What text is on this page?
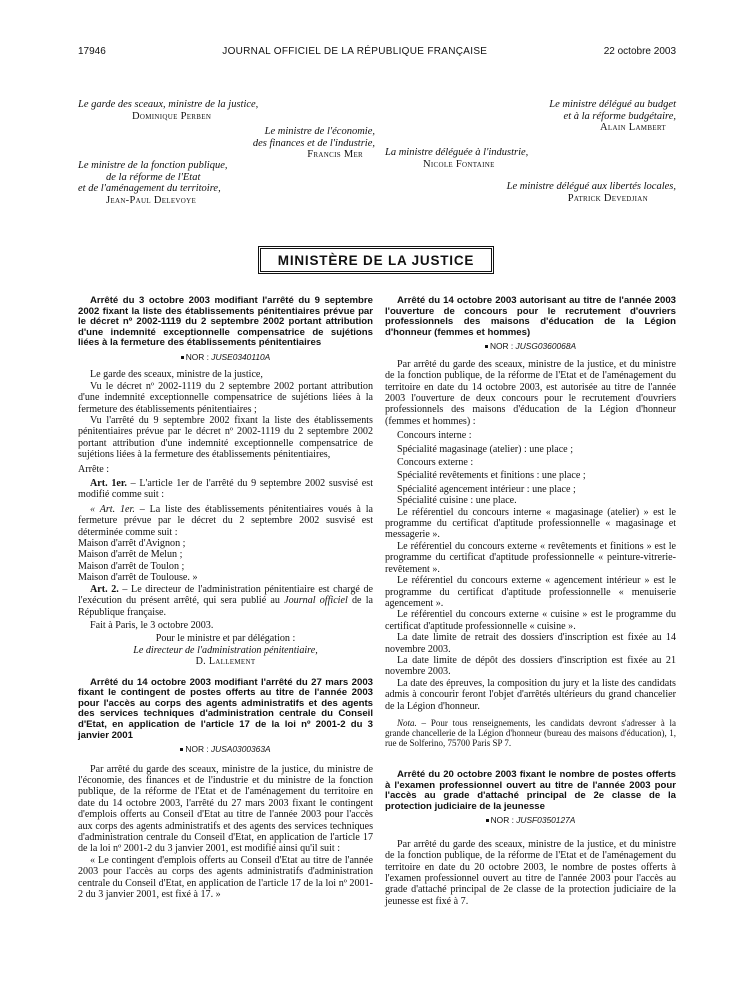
17946	JOURNAL OFFICIEL DE LA RÉPUBLIQUE FRANÇAISE	22 octobre 2003
Le garde des sceaux, ministre de la justice,
Dominique Perben
Le ministre de l'économie,
des finances et de l'industrie,
Francis Mer
Le ministre de la fonction publique,
de la réforme de l'Etat
et de l'aménagement du territoire,
Jean-Paul Delevoye
Le ministre délégué au budget
et à la réforme budgétaire,
Alain Lambert
La ministre déléguée à l'industrie,
Nicole Fontaine
Le ministre délégué aux libertés locales,
Patrick Devedjian
MINISTÈRE DE LA JUSTICE

Arrêté du 3 octobre 2003 modifiant l'arrêté du 9 septembre 2002 fixant la liste des établissements pénitentiaires prévue par le décret nº 2002-1119 du 2 septembre 2002 portant attribution d'une indemnité exceptionnelle compensatrice de sujétions liées à la fermeture des établissements pénitentiaires

NOR : JUSE0340110A

Le garde des sceaux, ministre de la justice,

Vu le décret nº 2002-1119 du 2 septembre 2002 portant attribution d'une indemnité exceptionnelle compensatrice de sujétions liées à la fermeture des établissements pénitentiaires ;

Vu l'arrêté du 9 septembre 2002 fixant la liste des établissements pénitentiaires prévue par le décret nº 2002-1119 du 2 septembre 2002 portant attribution d'une indemnité exceptionnelle compensatrice de sujétions liées à la fermeture des établissements pénitentiaires,

Arrête :

Art. 1er. – L'article 1er de l'arrêté du 9 septembre 2002 susvisé est modifié comme suit :

« Art. 1er. – La liste des établissements pénitentiaires voués à la fermeture prévue par le décret du 2 septembre 2002 susvisé est déterminée comme suit :

Maison d'arrêt d'Avignon ;
Maison d'arrêt de Melun ;
Maison d'arrêt de Toulon ;
Maison d'arrêt de Toulouse. »

Art. 2. – Le directeur de l'administration pénitentiaire est chargé de l'exécution du présent arrêté, qui sera publié au Journal officiel de la République française.

Fait à Paris, le 3 octobre 2003.

Pour le ministre et par délégation :
Le directeur de l'administration pénitentiaire,
D. Lallement

Arrêté du 14 octobre 2003 modifiant l'arrêté du 27 mars 2003 fixant le contingent de postes offerts au titre de l'année 2003 pour l'accès au corps des agents administratifs et des agents des services techniques d'administration centrale du Conseil d'Etat, en application de l'article 17 de la loi nº 2001-2 du 3 janvier 2001

NOR : JUSA0300363A

Par arrêté du garde des sceaux, ministre de la justice, du ministre de l'économie, des finances et de l'industrie et du ministre de la fonction publique, de la réforme de l'Etat et de l'aménagement du territoire en date du 14 octobre 2003, l'arrêté du 27 mars 2003 fixant le contingent d'emplois offerts au Conseil d'Etat au titre de l'année 2003 pour l'accès aux corps des agents administratifs et des agents des services techniques d'administration centrale du Conseil d'Etat, en application de l'article 17 de la loi nº 2001-2 du 3 janvier 2001, est modifié ainsi qu'il suit :

« Le contingent d'emplois offerts au Conseil d'Etat au titre de l'année 2003 pour l'accès au corps des agents administratifs d'administration centrale du Conseil d'Etat, en application de l'article 17 de la loi nº 2001-2 du 3 janvier 2001, est fixé à 17. »

Arrêté du 14 octobre 2003 autorisant au titre de l'année 2003 l'ouverture de concours pour le recrutement d'ouvriers professionnels des maisons d'éducation de la Légion d'honneur (femmes et hommes)

NOR : JUSG0360068A

Par arrêté du garde des sceaux, ministre de la justice, et du ministre de la fonction publique, de la réforme de l'Etat et de l'aménagement du territoire en date du 14 octobre 2003, est autorisée au titre de l'année 2003 l'ouverture de deux concours pour le recrutement d'ouvriers professionnels des maisons d'éducation de la Légion d'honneur (femmes et hommes) :

Concours interne :
Spécialité magasinage (atelier) : une place ;
Concours externe :
Spécialité revêtements et finitions : une place ;
Spécialité agencement intérieur : une place ;
Spécialité cuisine : une place.

Le référentiel du concours interne « magasinage (atelier) » est le programme du certificat d'aptitude professionnelle « magasinage et messagerie ».

Le référentiel du concours externe « revêtements et finitions » est le programme du certificat d'aptitude professionnelle « peinture-vitrerie-revêtement ».

Le référentiel du concours externe « agencement intérieur » est le programme du certificat d'aptitude professionnelle « menuiserie agencement ».

Le référentiel du concours externe « cuisine » est le programme du certificat d'aptitude professionnelle « cuisine ».

La date limite de retrait des dossiers d'inscription est fixée au 14 novembre 2003.

La date limite de dépôt des dossiers d'inscription est fixée au 21 novembre 2003.

La date des épreuves, la composition du jury et la liste des candidats admis à concourir feront l'objet d'arrêtés ultérieurs du grand chancelier de la Légion d'honneur.

Nota. – Pour tous renseignements, les candidats devront s'adresser à la grande chancellerie de la Légion d'honneur (bureau des maisons d'éducation), 1, rue de Solferino, 75700 Paris SP 7.

Arrêté du 20 octobre 2003 fixant le nombre de postes offerts à l'examen professionnel ouvert au titre de l'année 2003 pour l'accès au grade d'attaché principal de 2e classe de la protection judiciaire de la jeunesse

NOR : JUSF0350127A

Par arrêté du garde des sceaux, ministre de la justice, et du ministre de la fonction publique, de la réforme de l'Etat et de l'aménagement du territoire en date du 20 octobre 2003, le nombre de postes offerts à l'examen professionnel ouvert au titre de l'année 2003 pour l'accès au grade d'attaché principal de 2e classe de la protection judiciaire de la jeunesse est fixé à 7.
